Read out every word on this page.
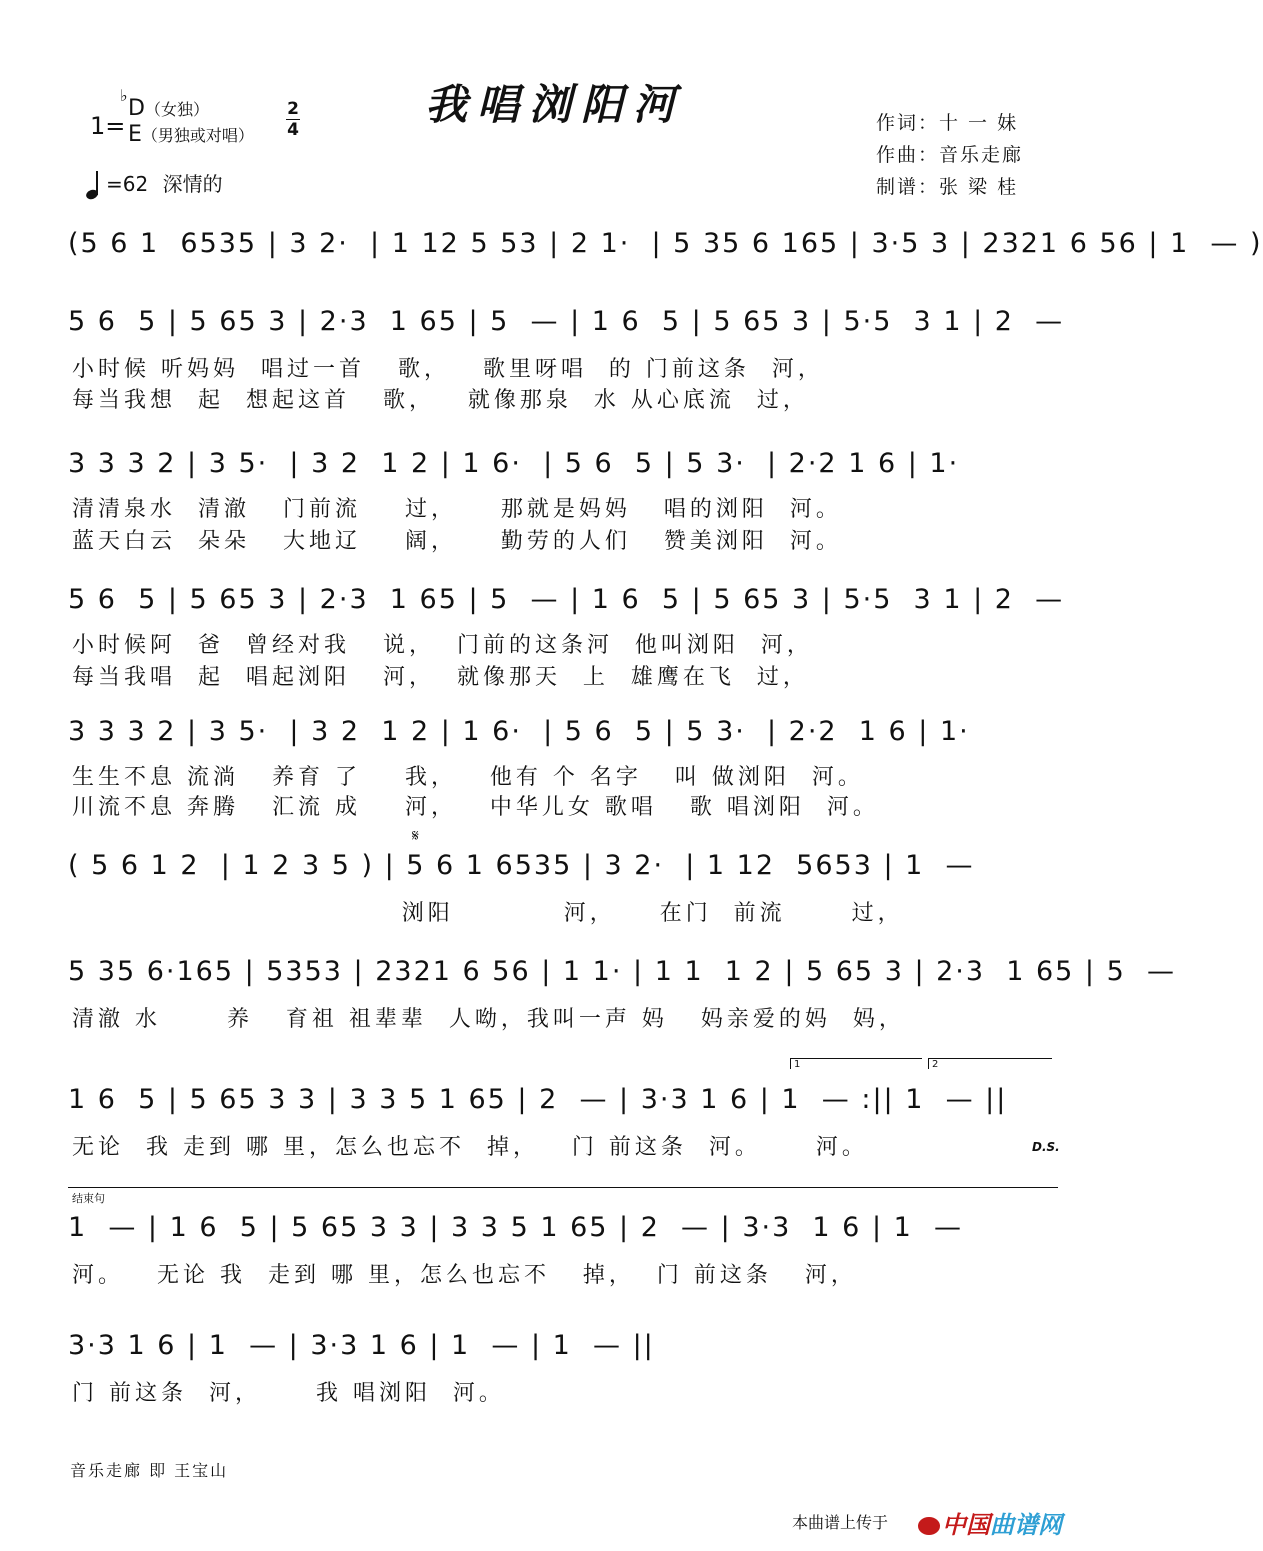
我唱浏阳河
♭
1=
D（女独）
E（男独或对唱）
2
4
=62 深情的
作词：十 一 妹
作曲：音乐走廊
制谱：张 梁 桂
(5 6 1  6535 | 3 2·  | 1 12 5 53 | 2 1·  | 5 35 6 165 | 3·5 3 | 2321 6 56 | 1  — )
5 6  5 | 5 65 3 | 2·3  1 65 | 5  — | 1 6  5 | 5 65 3 | 5·5  3 1 | 2  —
小时候 听妈妈  唱过一首   歌，   歌里呀唱  的 门前这条  河，
每当我想  起  想起这首   歌，   就像那泉  水 从心底流  过，
3 3 3 2 | 3 5·  | 3 2  1 2 | 1 6·  | 5 6  5 | 5 3·  | 2·2 1 6 | 1·
清清泉水  清澈   门前流    过，    那就是妈妈   唱的浏阳  河。
蓝天白云  朵朵   大地辽    阔，    勤劳的人们   赞美浏阳  河。
5 6  5 | 5 65 3 | 2·3  1 65 | 5  — | 1 6  5 | 5 65 3 | 5·5  3 1 | 2  —
小时候阿  爸  曾经对我   说，  门前的这条河  他叫浏阳  河，
每当我唱  起  唱起浏阳   河，  就像那天  上  雄鹰在飞  过，
3 3 3 2 | 3 5·  | 3 2  1 2 | 1 6·  | 5 6  5 | 5 3·  | 2·2  1 6 | 1·
生生不息 流淌   养育 了    我，   他有 个 名字   叫 做浏阳  河。
川流不息 奔腾   汇流 成    河，   中华儿女 歌唱   歌 唱浏阳  河。
𝄋
( 5 6 1 2  | 1 2 3 5 ) | 5 6 1 6535 | 3 2·  | 1 12  5653 | 1  —
浏阳          河，    在门  前流      过，
5 35 6·165 | 5353 | 2321 6 56 | 1 1· | 1 1  1 2 | 5 65 3 | 2·3  1 65 | 5  —
清澈 水      养   育祖 祖辈辈  人呦，我叫一声 妈   妈亲爱的妈  妈，
1	2
1 6  5 | 5 65 3 3 | 3 3 5 1 65 | 2  — | 3·3 1 6 | 1  — :|| 1  — ||
无论  我 走到 哪 里，怎么也忘不  掉，   门 前这条  河。     河。	D.S.
结束句
1  — | 1 6  5 | 5 65 3 3 | 3 3 5 1 65 | 2  — | 3·3  1 6 | 1  —
河。   无论 我  走到 哪 里，怎么也忘不   掉，  门 前这条   河，
3·3 1 6 | 1  — | 3·3 1 6 | 1  — | 1  — ||
门 前这条  河，     我 唱浏阳  河。
音乐走廊 即 王宝山
本曲谱上传于	中国曲谱网
